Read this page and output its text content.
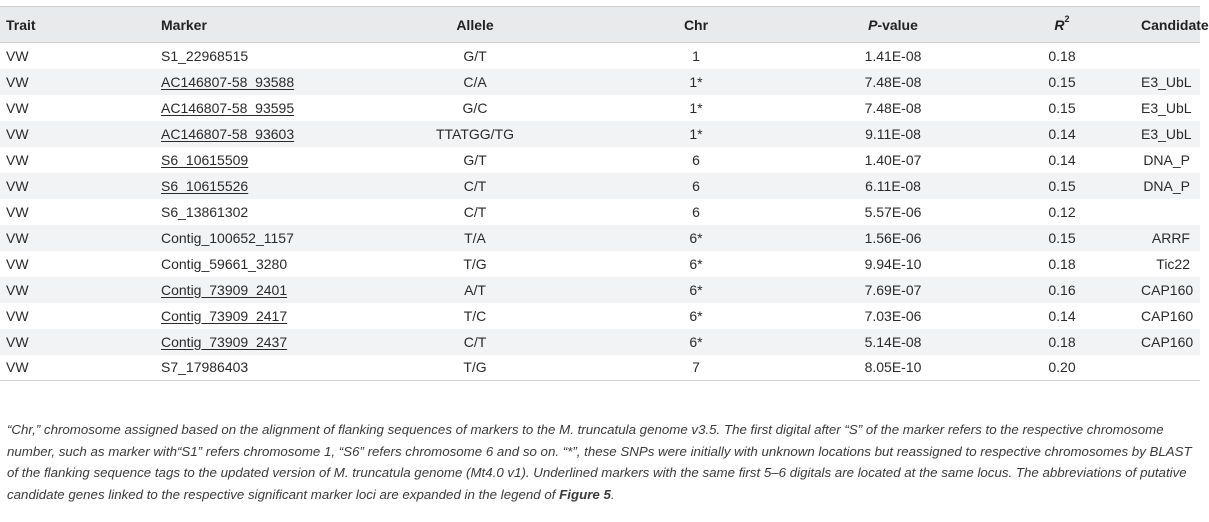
Trait	Marker	Allele	Chr	P-value	$R^2$	Candidate
VW	S1_22968515	G/T	1	1.41E-08	0.18	
VW	AC146807-58_93588	C/A	1*	7.48E-08	0.15	E3_UbL
VW	AC146807-58_93595	G/C	1*	7.48E-08	0.15	E3_UbL
VW	AC146807-58_93603	TTATGG/TG	1*	9.11E-08	0.14	E3_UbL
VW	S6_10615509	G/T	6	1.40E-07	0.14	DNA_P
VW	S6_10615526	C/T	6	6.11E-08	0.15	DNA_P
VW	S6_13861302	C/T	6	5.57E-06	0.12	
VW	Contig_100652_1157	T/A	6*	1.56E-06	0.15	ARRF
VW	Contig_59661_3280	T/G	6*	9.94E-10	0.18	Tic22
VW	Contig_73909_2401	A/T	6*	7.69E-07	0.16	CAP160
VW	Contig_73909_2417	T/C	6*	7.03E-06	0.14	CAP160
VW	Contig_73909_2437	C/T	6*	5.14E-08	0.18	CAP160
VW	S7_17986403	T/G	7	8.05E-10	0.20	
“Chr,” chromosome assigned based on the alignment of flanking sequences of markers to the M. truncatula genome v3.5. The first digital after “S” of the marker refers to the respective chromosome number, such as marker with“S1” refers chromosome 1, “S6” refers chromosome 6 and so on. “*”, these SNPs were initially with unknown locations but reassigned to respective chromosomes by BLAST of the flanking sequence tags to the updated version of M. truncatula genome (Mt4.0 v1). Underlined markers with the same first 5–6 digitals are located at the same locus. The abbreviations of putative candidate genes linked to the respective significant marker loci are expanded in the legend of Figure 5.
